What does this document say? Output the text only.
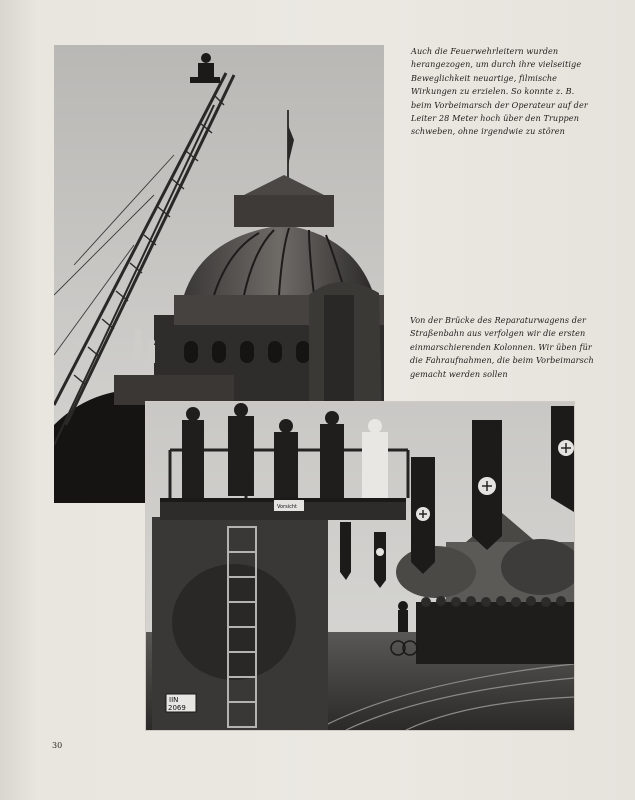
IIN
2069
Vorsicht

Auch die Feuerwehrleitern wurden herangezogen, um durch ihre vielseitige Beweglichkeit neuartige, filmische Wirkungen zu erzielen. So konnte z. B. beim Vorbeimarsch der Operateur auf der Leiter 28 Meter hoch über den Truppen schweben, ohne irgendwie zu stören

Von der Brücke des Reparaturwagens der Straßenbahn aus verfolgen wir die ersten einmarschierenden Kolonnen. Wir üben für die Fahraufnahmen, die beim Vorbeimarsch gemacht werden sollen

30
